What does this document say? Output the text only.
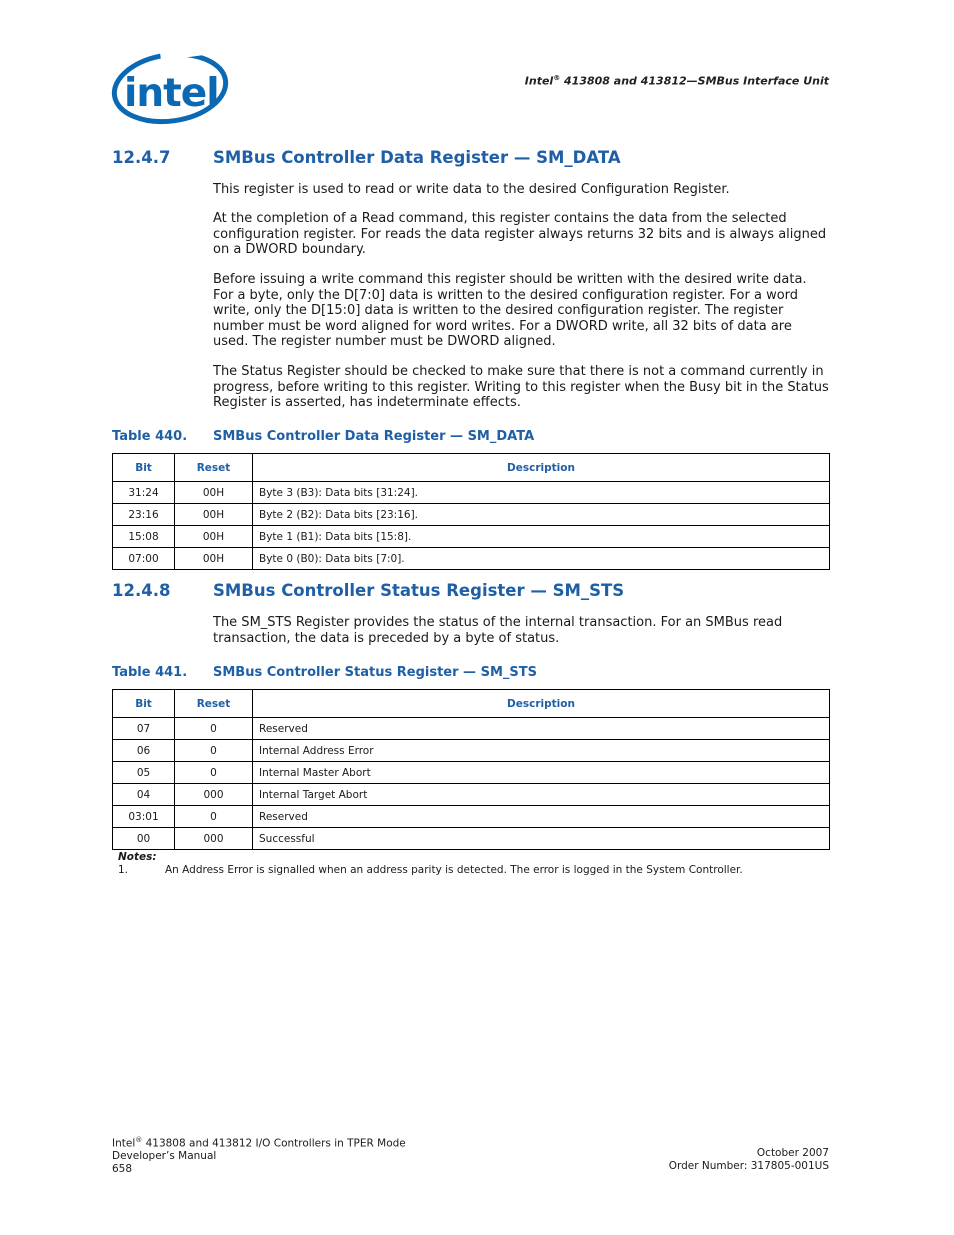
intel	Intel® 413808 and 413812—SMBus Interface Unit
12.4.7	SMBus Controller Data Register — SM_DATA

This register is used to read or write data to the desired Configuration Register.

At the completion of a Read command, this register contains the data from the selected configuration register. For reads the data register always returns 32 bits and is always aligned on a DWORD boundary.

Before issuing a write command this register should be written with the desired write data. For a byte, only the D[7:0] data is written to the desired configuration register. For a word write, only the D[15:0] data is written to the desired configuration register. The register number must be word aligned for word writes. For a DWORD write, all 32 bits of data are used. The register number must be DWORD aligned.

The Status Register should be checked to make sure that there is not a command currently in progress, before writing to this register. Writing to this register when the Busy bit in the Status Register is asserted, has indeterminate effects.

Table 440. SMBus Controller Data Register — SM_DATA
Bit	Reset	Description
31:24	00H	Byte 3 (B3): Data bits [31:24].
23:16	00H	Byte 2 (B2): Data bits [23:16].
15:08	00H	Byte 1 (B1): Data bits [15:8].
07:00	00H	Byte 0 (B0): Data bits [7:0].
12.4.8	SMBus Controller Status Register — SM_STS

The SM_STS Register provides the status of the internal transaction. For an SMBus read transaction, the data is preceded by a byte of status.

Table 441. SMBus Controller Status Register — SM_STS
Bit	Reset	Description
07	0	Reserved
06	0	Internal Address Error
05	0	Internal Master Abort
04	000	Internal Target Abort
03:01	0	Reserved
00	000	Successful
Notes:
1.	An Address Error is signalled when an address parity is detected. The error is logged in the System Controller.
Intel® 413808 and 413812 I/O Controllers in TPER Mode
Developer’s Manual
658
October 2007
Order Number: 317805-001US
